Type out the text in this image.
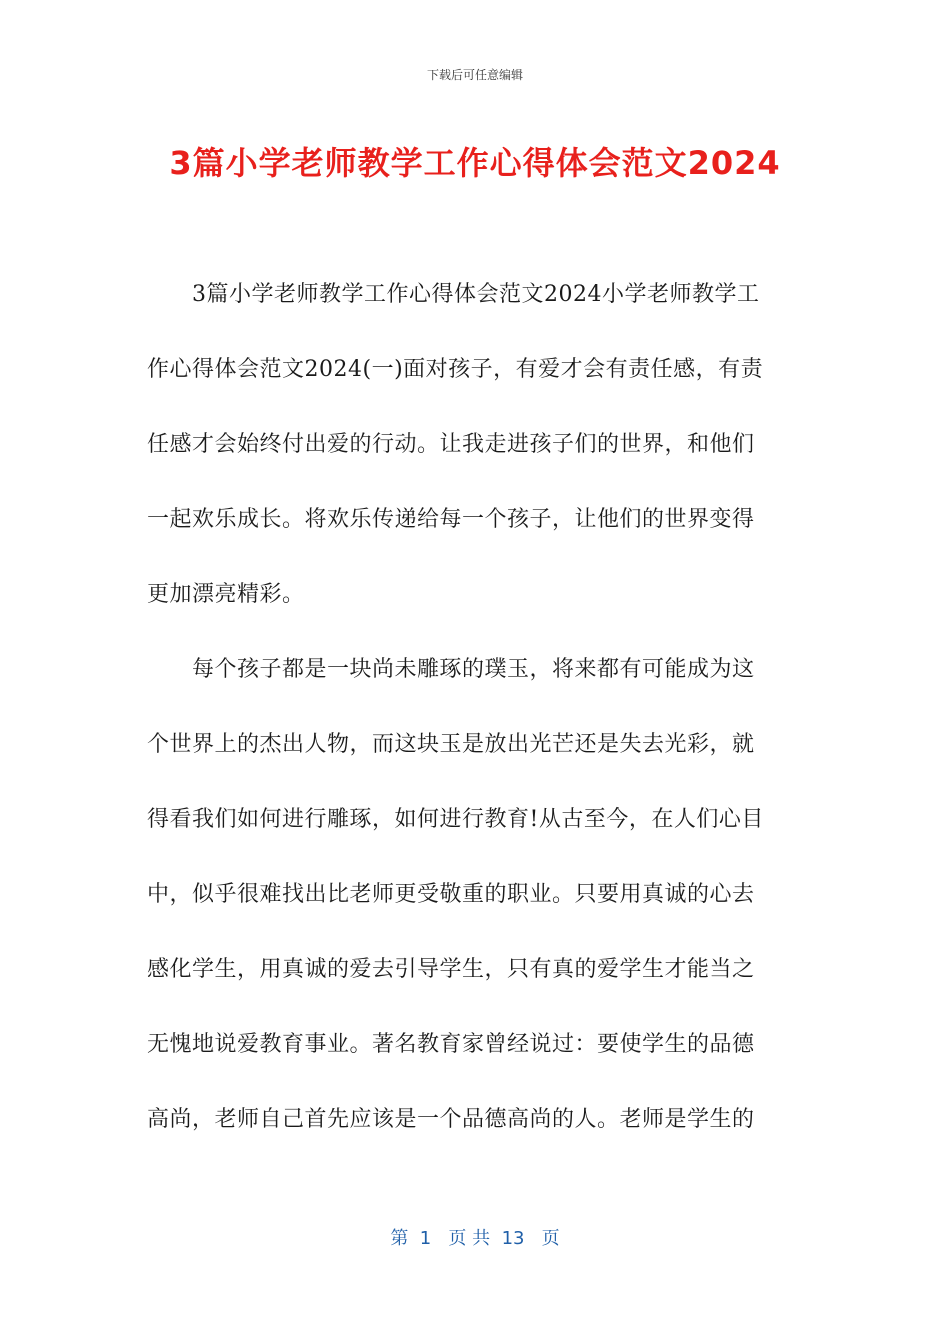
下载后可任意编辑
3篇小学老师教学工作心得体会范文2024
3篇小学老师教学工作心得体会范文2024小学老师教学工
作心得体会范文2024(一)面对孩子，有爱才会有责任感，有责
任感才会始终付出爱的行动。让我走进孩子们的世界，和他们
一起欢乐成长。将欢乐传递给每一个孩子，让他们的世界变得
更加漂亮精彩。
每个孩子都是一块尚未雕琢的璞玉，将来都有可能成为这
个世界上的杰出人物，而这块玉是放出光芒还是失去光彩，就
得看我们如何进行雕琢，如何进行教育!从古至今，在人们心目
中，似乎很难找出比老师更受敬重的职业。只要用真诚的心去
感化学生，用真诚的爱去引导学生，只有真的爱学生才能当之
无愧地说爱教育事业。著名教育家曾经说过：要使学生的品德
高尚，老师自己首先应该是一个品德高尚的人。老师是学生的
第  1   页 共  13   页
